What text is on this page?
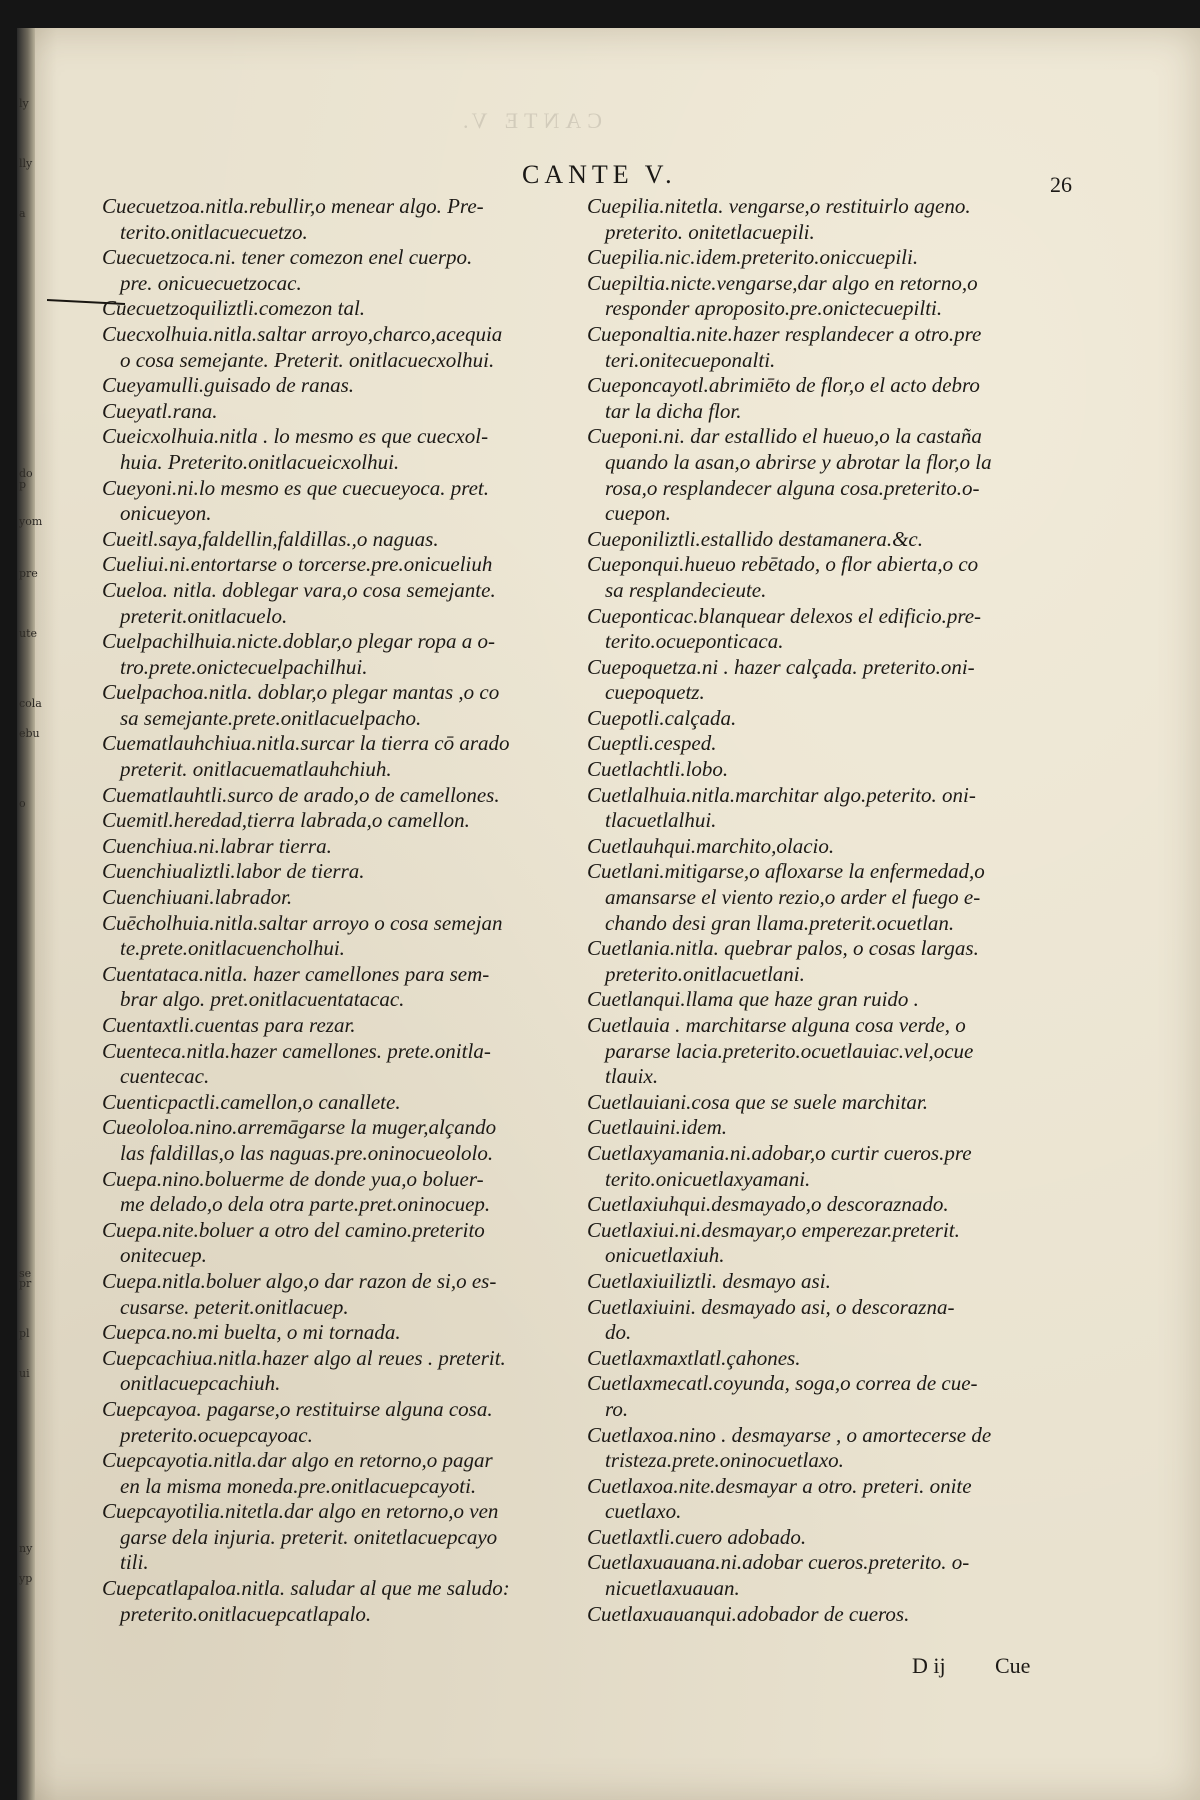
ly
lly
a
do p
yom
pre
ute
cola
ebu
o
se
pr
pl
ui
ny
yp
CANTE V.
CANTE V.	26
Cuecuetzoa.nitla.rebullir,o menear algo. Pre-
terito.onitlacuecuetzo.
Cuecuetzoca.ni. tener comezon enel cuerpo.
pre. onicuecuetzocac.
Cuecuetzoquiliztli.comezon tal.
Cuecxolhuia.nitla.saltar arroyo,charco,acequia
o cosa semejante. Preterit. onitlacuecxolhui.
Cueyamulli.guisado de ranas.
Cueyatl.rana.
Cueicxolhuia.nitla . lo mesmo es que cuecxol-
huia. Preterito.onitlacueicxolhui.
Cueyoni.ni.lo mesmo es que cuecueyoca. pret.
onicueyon.
Cueitl.saya,faldellin,faldillas.,o naguas.
Cueliui.ni.entortarse o torcerse.pre.onicueliuh
Cueloa. nitla. doblegar vara,o cosa semejante.
preterit.onitlacuelo.
Cuelpachilhuia.nicte.doblar,o plegar ropa a o-
tro.prete.onictecuelpachilhui.
Cuelpachoa.nitla. doblar,o plegar mantas ,o co
sa semejante.prete.onitlacuelpacho.
Cuematlauhchiua.nitla.surcar la tierra cō arado
preterit. onitlacuematlauhchiuh.
Cuematlauhtli.surco de arado,o de camellones.
Cuemitl.heredad,tierra labrada,o camellon.
Cuenchiua.ni.labrar tierra.
Cuenchiualiztli.labor de tierra.
Cuenchiuani.labrador.
Cuēcholhuia.nitla.saltar arroyo o cosa semejan
te.prete.onitlacuencholhui.
Cuentataca.nitla. hazer camellones para sem-
brar algo. pret.onitlacuentatacac.
Cuentaxtli.cuentas para rezar.
Cuenteca.nitla.hazer camellones. prete.onitla-
cuentecac.
Cuenticpactli.camellon,o canallete.
Cueololoa.nino.arremāgarse la muger,alçando
las faldillas,o las naguas.pre.oninocueololo.
Cuepa.nino.boluerme de donde yua,o boluer-
me delado,o dela otra parte.pret.oninocuep.
Cuepa.nite.boluer a otro del camino.preterito
onitecuep.
Cuepa.nitla.boluer algo,o dar razon de si,o es-
cusarse. peterit.onitlacuep.
Cuepca.no.mi buelta, o mi tornada.
Cuepcachiua.nitla.hazer algo al reues . preterit.
onitlacuepcachiuh.
Cuepcayoa. pagarse,o restituirse alguna cosa.
preterito.ocuepcayoac.
Cuepcayotia.nitla.dar algo en retorno,o pagar
en la misma moneda.pre.onitlacuepcayoti.
Cuepcayotilia.nitetla.dar algo en retorno,o ven
garse dela injuria. preterit. onitetlacuepcayo
tili.
Cuepcatlapaloa.nitla. saludar al que me saludo:
preterito.onitlacuepcatlapalo.
Cuepilia.nitetla. vengarse,o restituirlo ageno.
preterito. onitetlacuepili.
Cuepilia.nic.idem.preterito.oniccuepili.
Cuepiltia.nicte.vengarse,dar algo en retorno,o
responder aproposito.pre.onictecuepilti.
Cueponaltia.nite.hazer resplandecer a otro.pre
teri.onitecueponalti.
Cueponcayotl.abrimiēto de flor,o el acto debro
tar la dicha flor.
Cueponi.ni. dar estallido el hueuo,o la castaña
quando la asan,o abrirse y abrotar la flor,o la
rosa,o resplandecer alguna cosa.preterito.o-
cuepon.
Cueponiliztli.estallido destamanera.&c.
Cueponqui.hueuo rebētado, o flor abierta,o co
sa resplandecieute.
Cueponticac.blanquear delexos el edificio.pre-
terito.ocueponticaca.
Cuepoquetza.ni . hazer calçada. preterito.oni-
cuepoquetz.
Cuepotli.calçada.
Cueptli.cesped.
Cuetlachtli.lobo.
Cuetlalhuia.nitla.marchitar algo.peterito. oni-
tlacuetlalhui.
Cuetlauhqui.marchito,olacio.
Cuetlani.mitigarse,o afloxarse la enfermedad,o
amansarse el viento rezio,o arder el fuego e-
chando desi gran llama.preterit.ocuetlan.
Cuetlania.nitla. quebrar palos, o cosas largas.
preterito.onitlacuetlani.
Cuetlanqui.llama que haze gran ruido .
Cuetlauia . marchitarse alguna cosa verde, o
pararse lacia.preterito.ocuetlauiac.vel,ocue
tlauix.
Cuetlauiani.cosa que se suele marchitar.
Cuetlauini.idem.
Cuetlaxyamania.ni.adobar,o curtir cueros.pre
terito.onicuetlaxyamani.
Cuetlaxiuhqui.desmayado,o descoraznado.
Cuetlaxiui.ni.desmayar,o emperezar.preterit.
onicuetlaxiuh.
Cuetlaxiuiliztli. desmayo asi.
Cuetlaxiuini. desmayado asi, o descorazna-
do.
Cuetlaxmaxtlatl.çahones.
Cuetlaxmecatl.coyunda, soga,o correa de cue-
ro.
Cuetlaxoa.nino . desmayarse , o amortecerse de
tristeza.prete.oninocuetlaxo.
Cuetlaxoa.nite.desmayar a otro. preteri. onite
cuetlaxo.
Cuetlaxtli.cuero adobado.
Cuetlaxuauana.ni.adobar cueros.preterito. o-
nicuetlaxuauan.
Cuetlaxuauanqui.adobador de cueros.
D ij Cue
